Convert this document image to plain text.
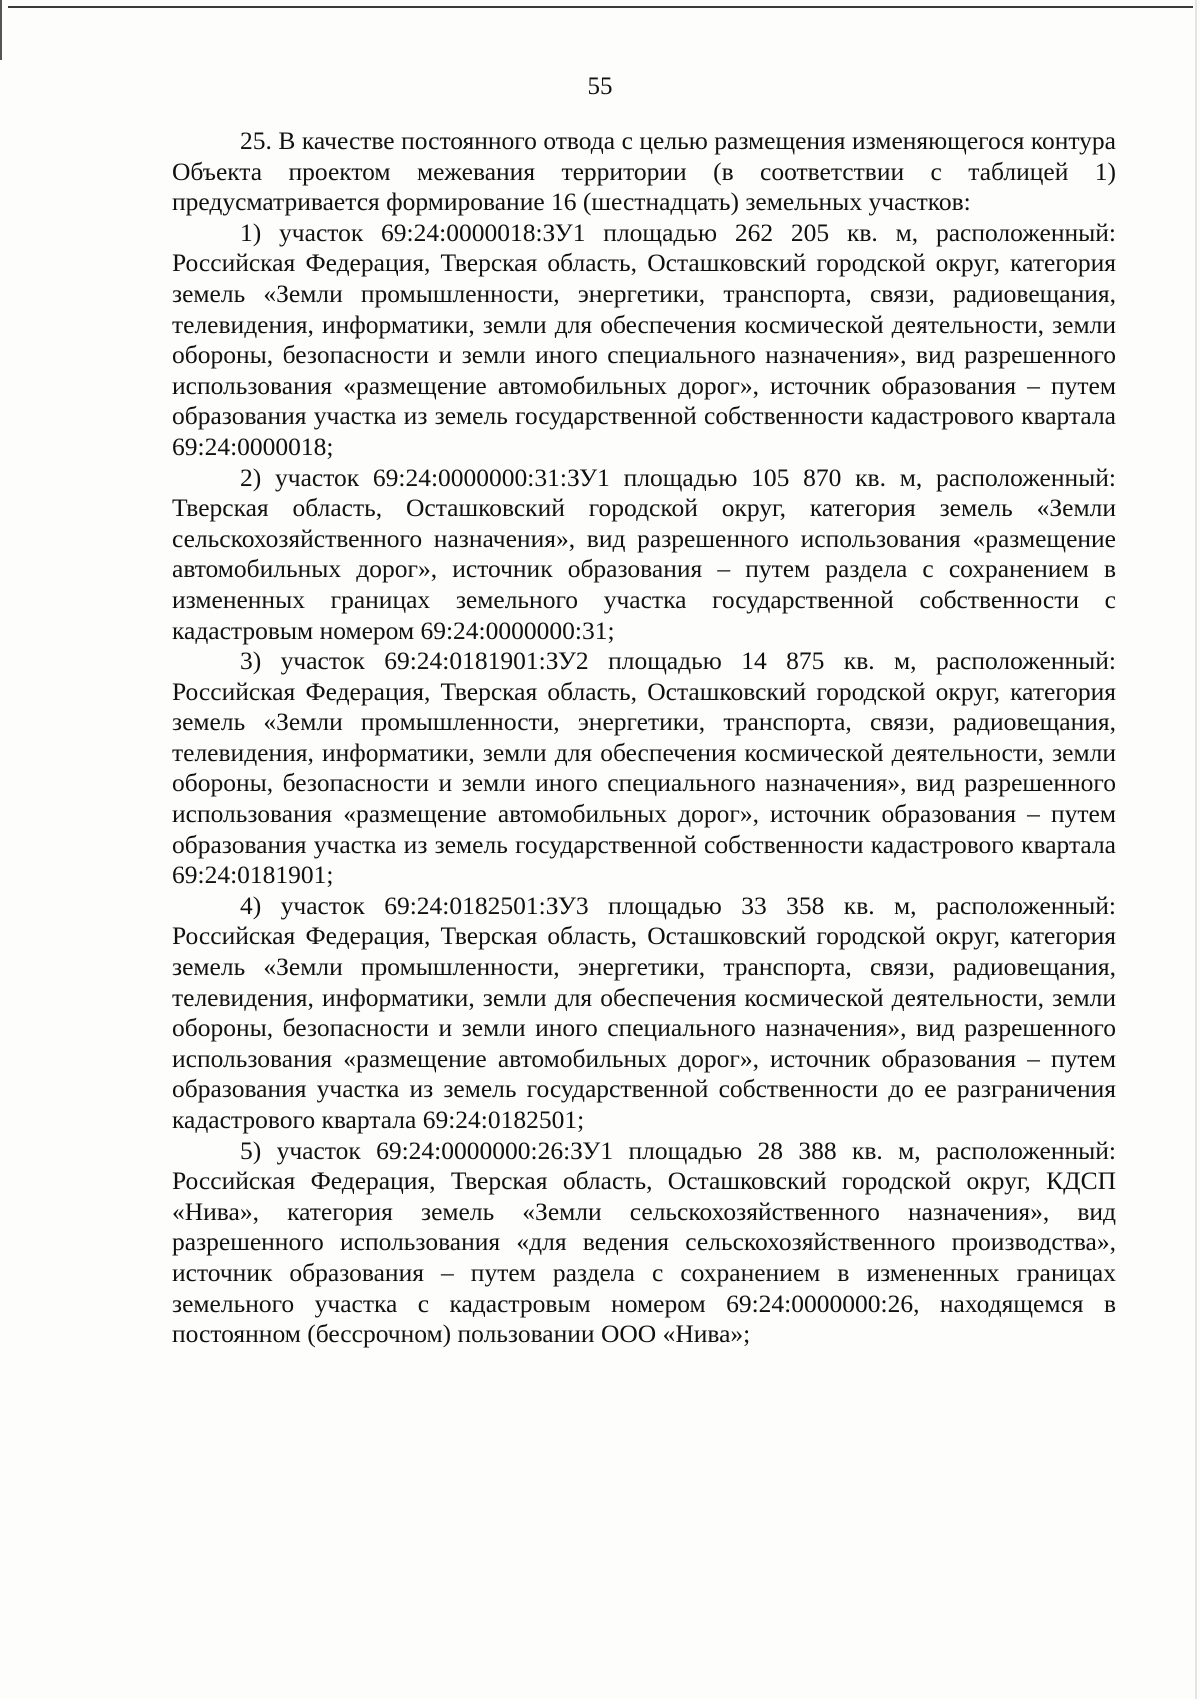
55

25. В качестве постоянного отвода с целью размещения изменяющегося контура Объекта проектом межевания территории (в соответствии с таблицей 1) предусматривается формирование 16 (шестнадцать) земельных участков:

1) участок 69:24:0000018:ЗУ1 площадью 262 205 кв. м, расположенный: Российская Федерация, Тверская область, Осташковский городской округ, категория земель «Земли промышленности, энергетики, транспорта, связи, радиовещания, телевидения, информатики, земли для обеспечения космической деятельности, земли обороны, безопасности и земли иного специального назначения», вид разрешенного использования «размещение автомобильных дорог», источник образования – путем образования участка из земель государственной собственности кадастрового квартала 69:24:0000018;

2) участок 69:24:0000000:31:ЗУ1 площадью 105 870 кв. м, расположенный: Тверская область, Осташковский городской округ, категория земель «Земли сельскохозяйственного назначения», вид разрешенного использования «размещение автомобильных дорог», источник образования – путем раздела с сохранением в измененных границах земельного участка государственной собственности с кадастровым номером 69:24:0000000:31;

3) участок 69:24:0181901:ЗУ2 площадью 14 875 кв. м, расположенный: Российская Федерация, Тверская область, Осташковский городской округ, категория земель «Земли промышленности, энергетики, транспорта, связи, радиовещания, телевидения, информатики, земли для обеспечения космической деятельности, земли обороны, безопасности и земли иного специального назначения», вид разрешенного использования «размещение автомобильных дорог», источник образования – путем образования участка из земель государственной собственности кадастрового квартала 69:24:0181901;

4) участок 69:24:0182501:ЗУ3 площадью 33 358 кв. м, расположенный: Российская Федерация, Тверская область, Осташковский городской округ, категория земель «Земли промышленности, энергетики, транспорта, связи, радиовещания, телевидения, информатики, земли для обеспечения космической деятельности, земли обороны, безопасности и земли иного специального назначения», вид разрешенного использования «размещение автомобильных дорог», источник образования – путем образования участка из земель государственной собственности до ее разграничения кадастрового квартала 69:24:0182501;

5) участок 69:24:0000000:26:ЗУ1 площадью 28 388 кв. м, расположенный: Российская Федерация, Тверская область, Осташковский городской округ, КДСП «Нива», категория земель «Земли сельскохозяйственного назначения», вид разрешенного использования «для ведения сельскохозяйственного производства», источник образования – путем раздела с сохранением в измененных границах земельного участка с кадастровым номером 69:24:0000000:26, находящемся в постоянном (бессрочном) пользовании ООО «Нива»;
